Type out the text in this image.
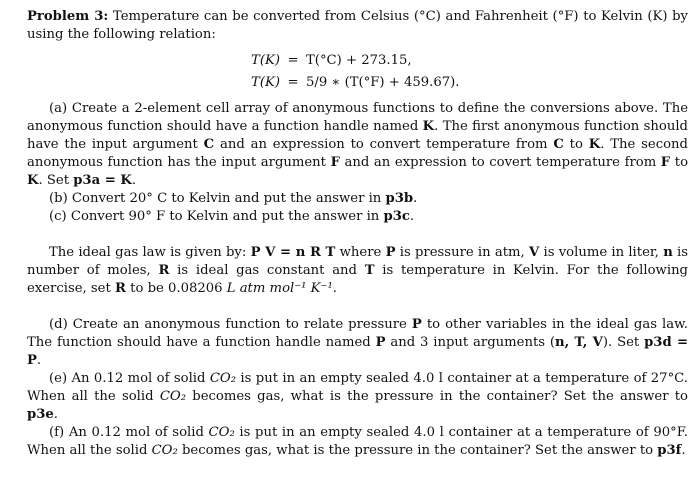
Problem 3: Temperature can be converted from Celsius (°C) and Fahrenheit (°F) to Kelvin (K) by using the following relation:

T(K) = T(°C) + 273.15,
T(K) = 5/9 ∗ (T(°F) + 459.67).

(a) Create a 2-element cell array of anonymous functions to define the conversions above. The anonymous function should have a function handle named K. The first anonymous function should have the input argument C and an expression to convert temperature from C to K. The second anonymous function has the input argument F and an expression to covert temperature from F to K. Set p3a = K.

(b) Convert 20° C to Kelvin and put the answer in p3b.

(c) Convert 90° F to Kelvin and put the answer in p3c.

The ideal gas law is given by: P V = n R T where P is pressure in atm, V is volume in liter, n is number of moles, R is ideal gas constant and T is temperature in Kelvin. For the following exercise, set R to be 0.08206 L atm mol⁻¹ K⁻¹.

(d) Create an anonymous function to relate pressure P to other variables in the ideal gas law. The function should have a function handle named P and 3 input arguments (n, T, V). Set p3d = P.

(e) An 0.12 mol of solid CO₂ is put in an empty sealed 4.0 l container at a temperature of 27°C. When all the solid CO₂ becomes gas, what is the pressure in the container? Set the answer to p3e.

(f) An 0.12 mol of solid CO₂ is put in an empty sealed 4.0 l container at a temperature of 90°F. When all the solid CO₂ becomes gas, what is the pressure in the container? Set the answer to p3f.
